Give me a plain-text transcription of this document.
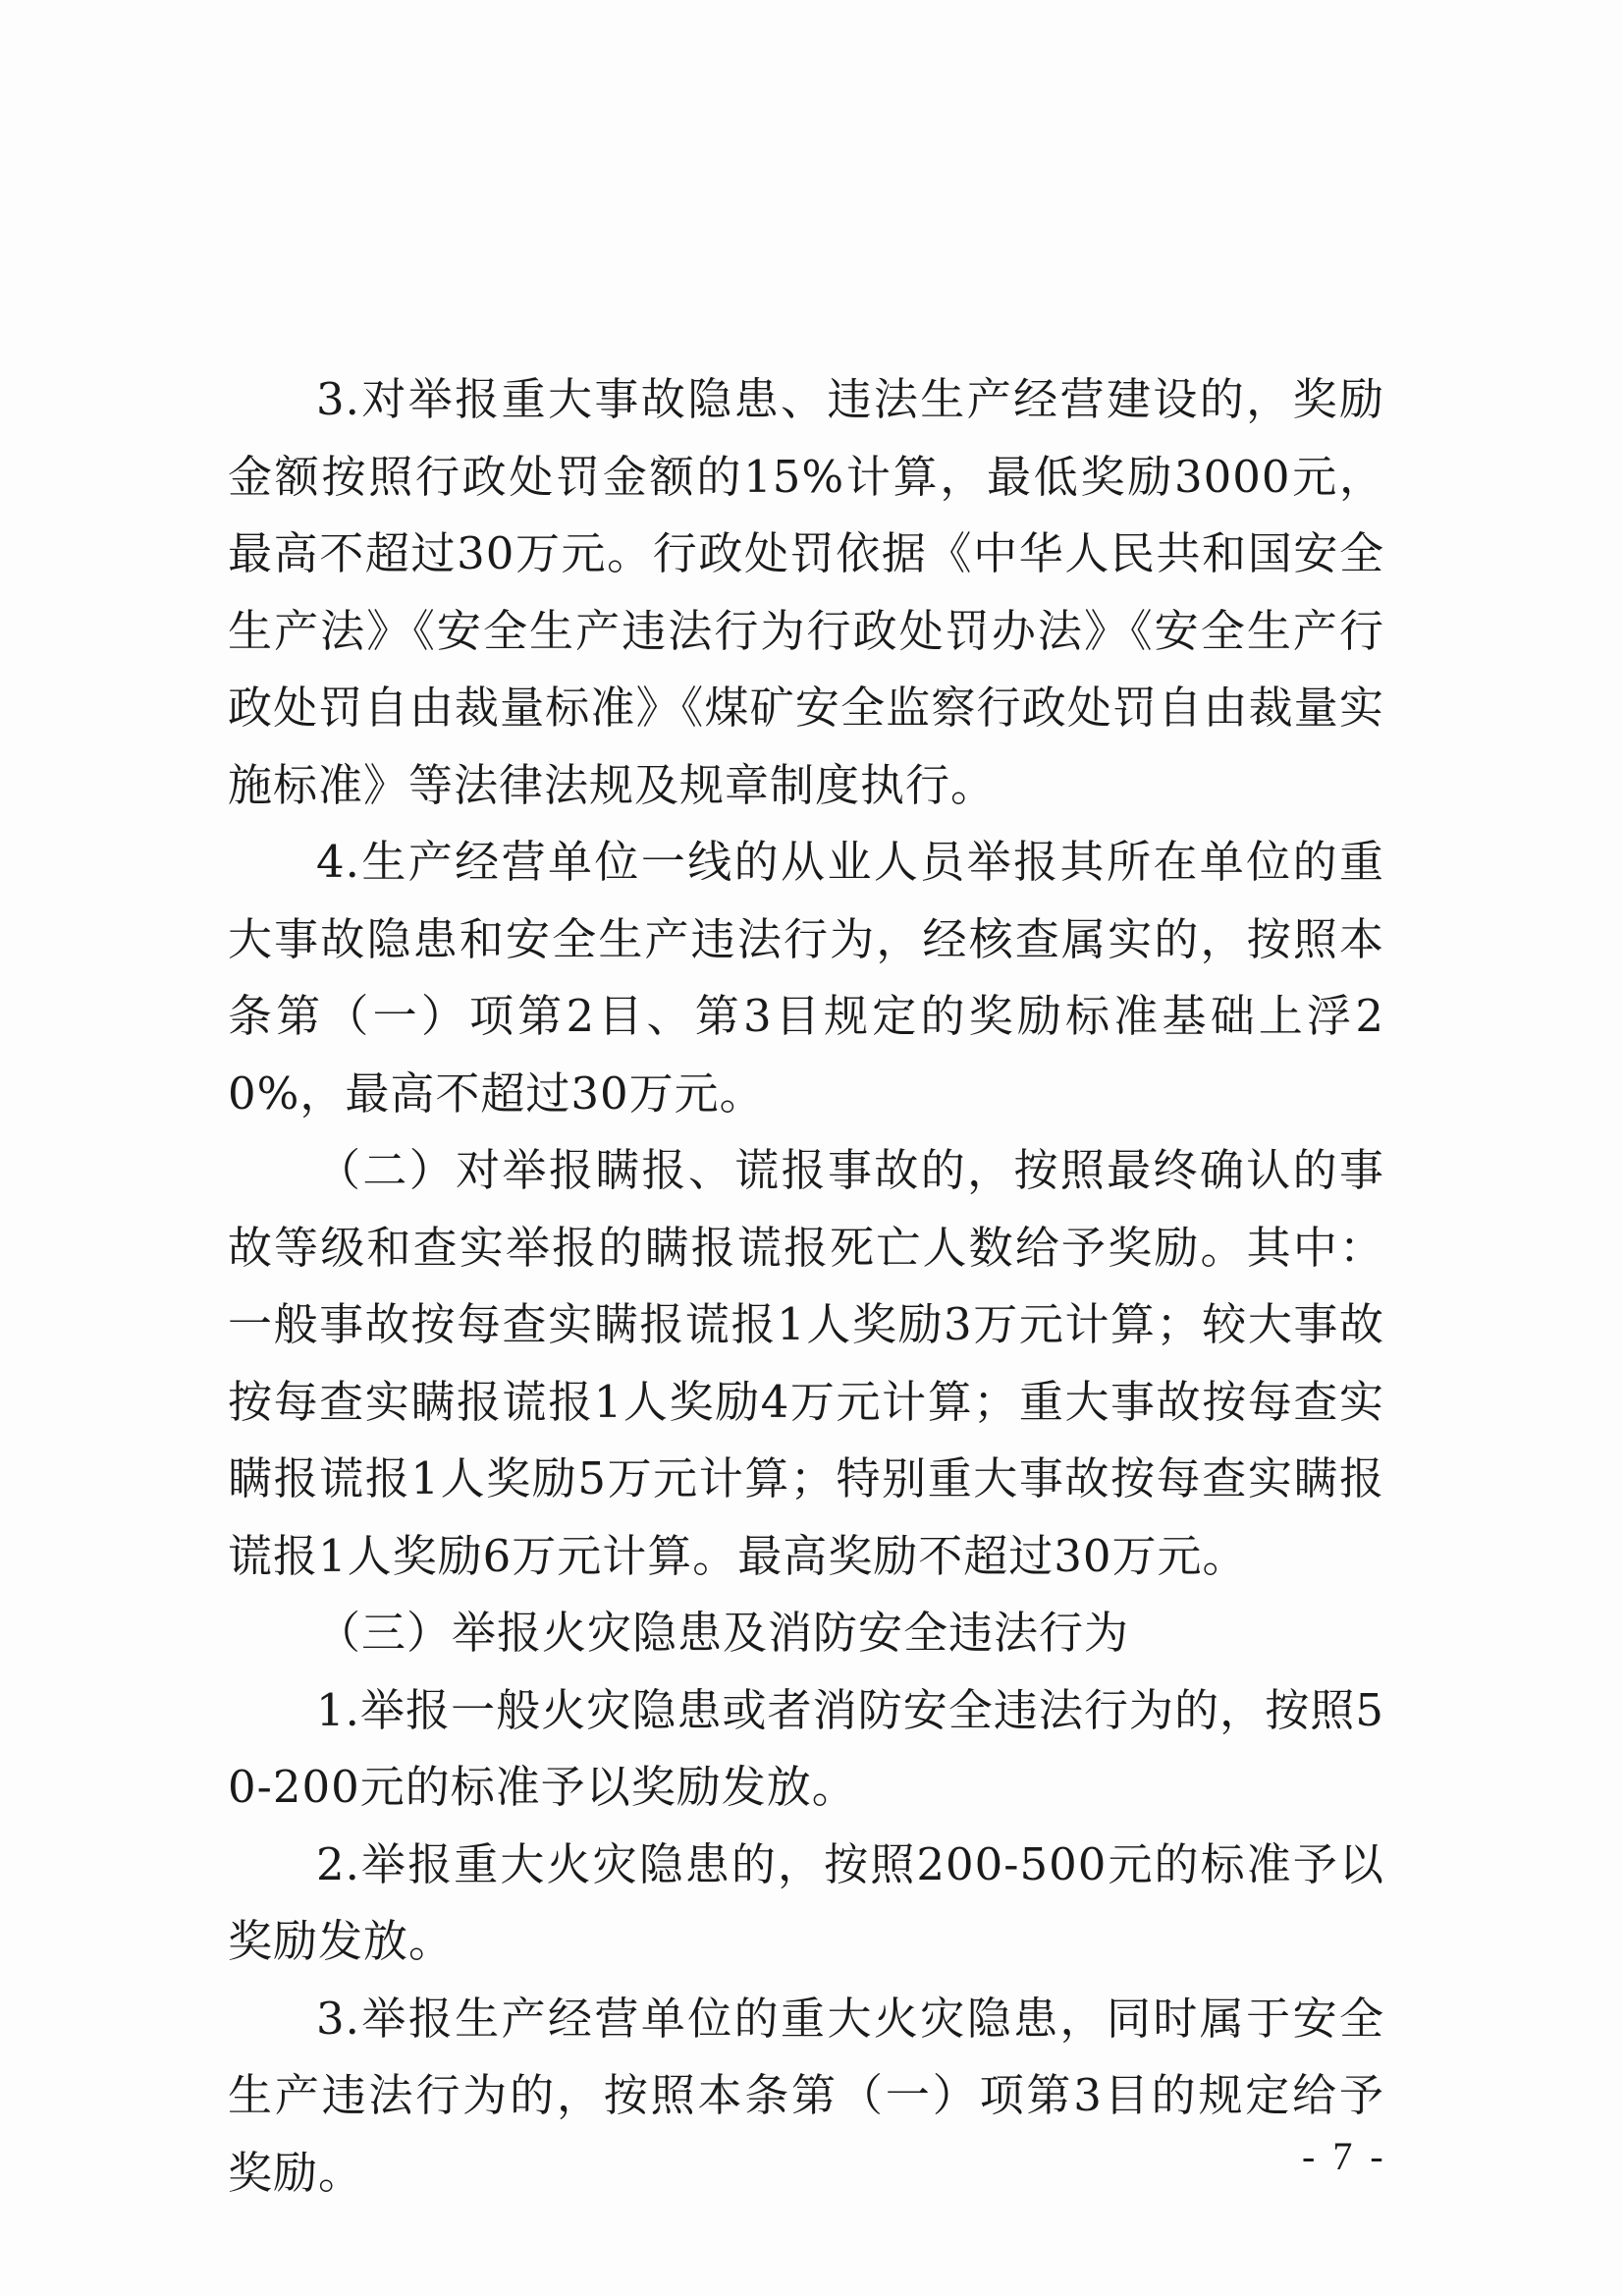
3.对举报重大事故隐患、违法生产经营建设的，奖励金额按照行政处罚金额的15%计算，最低奖励3000元，最高不超过30万元。行政处罚依据《中华人民共和国安全生产法》《安全生产违法行为行政处罚办法》《安全生产行政处罚自由裁量标准》《煤矿安全监察行政处罚自由裁量实施标准》等法律法规及规章制度执行。

4.生产经营单位一线的从业人员举报其所在单位的重大事故隐患和安全生产违法行为，经核查属实的，按照本条第（一）项第2目、第3目规定的奖励标准基础上浮20%，最高不超过30万元。

（二）对举报瞒报、谎报事故的，按照最终确认的事故等级和查实举报的瞒报谎报死亡人数给予奖励。其中：一般事故按每查实瞒报谎报1人奖励3万元计算；较大事故按每查实瞒报谎报1人奖励4万元计算；重大事故按每查实瞒报谎报1人奖励5万元计算；特别重大事故按每查实瞒报谎报1人奖励6万元计算。最高奖励不超过30万元。

（三）举报火灾隐患及消防安全违法行为

1.举报一般火灾隐患或者消防安全违法行为的，按照50-200元的标准予以奖励发放。

2.举报重大火灾隐患的，按照200-500元的标准予以奖励发放。

3.举报生产经营单位的重大火灾隐患，同时属于安全生产违法行为的，按照本条第（一）项第3目的规定给予奖励。	- 7 -
